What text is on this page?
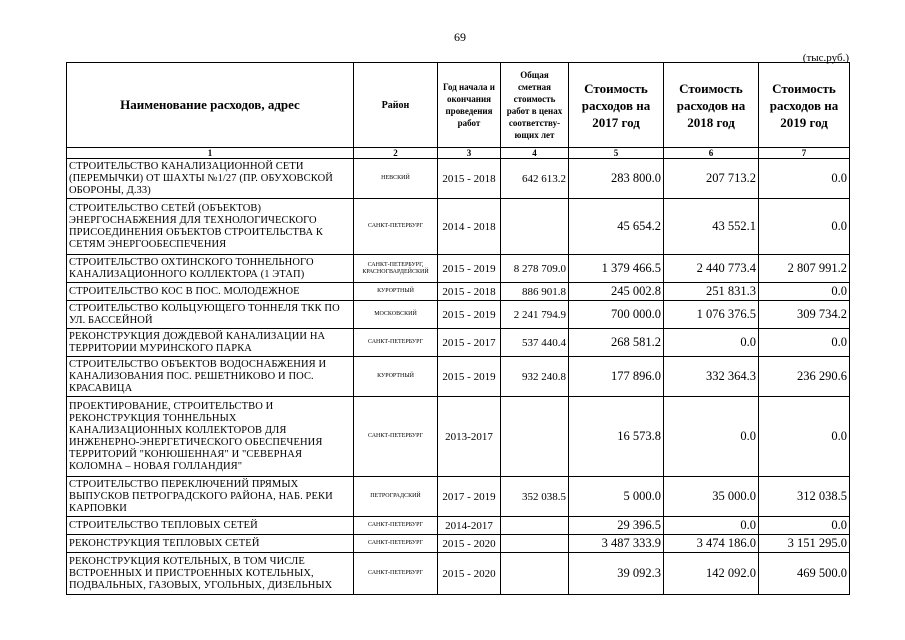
69
(тыс.руб.)
Наименование расходов, адрес	Район	Год начала и окончания проведения работ	Общая сметная стоимость работ в ценах соответству-ющих лет	Стоимость расходов на 2017 год	Стоимость расходов на 2018 год	Стоимость расходов на 2019 год
1	2	3	4	5	6	7
СТРОИТЕЛЬСТВО КАНАЛИЗАЦИОННОЙ СЕТИ (ПЕРЕМЫЧКИ) ОТ ШАХТЫ №1/27 (ПР. ОБУХОВСКОЙ ОБОРОНЫ, Д.33)	НЕВСКИЙ	2015 - 2018	642 613.2	283 800.0	207 713.2	0.0
СТРОИТЕЛЬСТВО СЕТЕЙ (ОБЪЕКТОВ) ЭНЕРГОСНАБЖЕНИЯ ДЛЯ ТЕХНОЛОГИЧЕСКОГО ПРИСОЕДИНЕНИЯ ОБЪЕКТОВ СТРОИТЕЛЬСТВА К СЕТЯМ ЭНЕРГООБЕСПЕЧЕНИЯ	САНКТ-ПЕТЕРБУРГ	2014 - 2018		45 654.2	43 552.1	0.0
СТРОИТЕЛЬСТВО ОХТИНСКОГО ТОННЕЛЬНОГО КАНАЛИЗАЦИОННОГО КОЛЛЕКТОРА (1 ЭТАП)	САНКТ-ПЕТЕРБУРГ, КРАСНОГВАРДЕЙСКИЙ	2015 - 2019	8 278 709.0	1 379 466.5	2 440 773.4	2 807 991.2
СТРОИТЕЛЬСТВО КОС В ПОС. МОЛОДЕЖНОЕ	КУРОРТНЫЙ	2015 - 2018	886 901.8	245 002.8	251 831.3	0.0
СТРОИТЕЛЬСТВО КОЛЬЦУЮЩЕГО ТОННЕЛЯ ТКК ПО УЛ. БАССЕЙНОЙ	МОСКОВСКИЙ	2015 - 2019	2 241 794.9	700 000.0	1 076 376.5	309 734.2
РЕКОНСТРУКЦИЯ ДОЖДЕВОЙ КАНАЛИЗАЦИИ НА ТЕРРИТОРИИ МУРИНСКОГО ПАРКА	САНКТ-ПЕТЕРБУРГ	2015 - 2017	537 440.4	268 581.2	0.0	0.0
СТРОИТЕЛЬСТВО ОБЪЕКТОВ ВОДОСНАБЖЕНИЯ И КАНАЛИЗОВАНИЯ ПОС. РЕШЕТНИКОВО И ПОС. КРАСАВИЦА	КУРОРТНЫЙ	2015 - 2019	932 240.8	177 896.0	332 364.3	236 290.6
ПРОЕКТИРОВАНИЕ, СТРОИТЕЛЬСТВО И РЕКОНСТРУКЦИЯ ТОННЕЛЬНЫХ КАНАЛИЗАЦИОННЫХ КОЛЛЕКТОРОВ ДЛЯ ИНЖЕНЕРНО-ЭНЕРГЕТИЧЕСКОГО ОБЕСПЕЧЕНИЯ ТЕРРИТОРИЙ "КОНЮШЕННАЯ" И "СЕВЕРНАЯ КОЛОМНА – НОВАЯ ГОЛЛАНДИЯ"	САНКТ-ПЕТЕРБУРГ	2013-2017		16 573.8	0.0	0.0
СТРОИТЕЛЬСТВО ПЕРЕКЛЮЧЕНИЙ ПРЯМЫХ ВЫПУСКОВ ПЕТРОГРАДСКОГО РАЙОНА, НАБ. РЕКИ КАРПОВКИ	ПЕТРОГРАДСКИЙ	2017 - 2019	352 038.5	5 000.0	35 000.0	312 038.5
СТРОИТЕЛЬСТВО ТЕПЛОВЫХ СЕТЕЙ	САНКТ-ПЕТЕРБУРГ	2014-2017		29 396.5	0.0	0.0
РЕКОНСТРУКЦИЯ ТЕПЛОВЫХ СЕТЕЙ	САНКТ-ПЕТЕРБУРГ	2015 - 2020		3 487 333.9	3 474 186.0	3 151 295.0
РЕКОНСТРУКЦИЯ КОТЕЛЬНЫХ, В ТОМ ЧИСЛЕ ВСТРОЕННЫХ И ПРИСТРОЕННЫХ КОТЕЛЬНЫХ, ПОДВАЛЬНЫХ, ГАЗОВЫХ, УГОЛЬНЫХ, ДИЗЕЛЬНЫХ	САНКТ-ПЕТЕРБУРГ	2015 - 2020		39 092.3	142 092.0	469 500.0
